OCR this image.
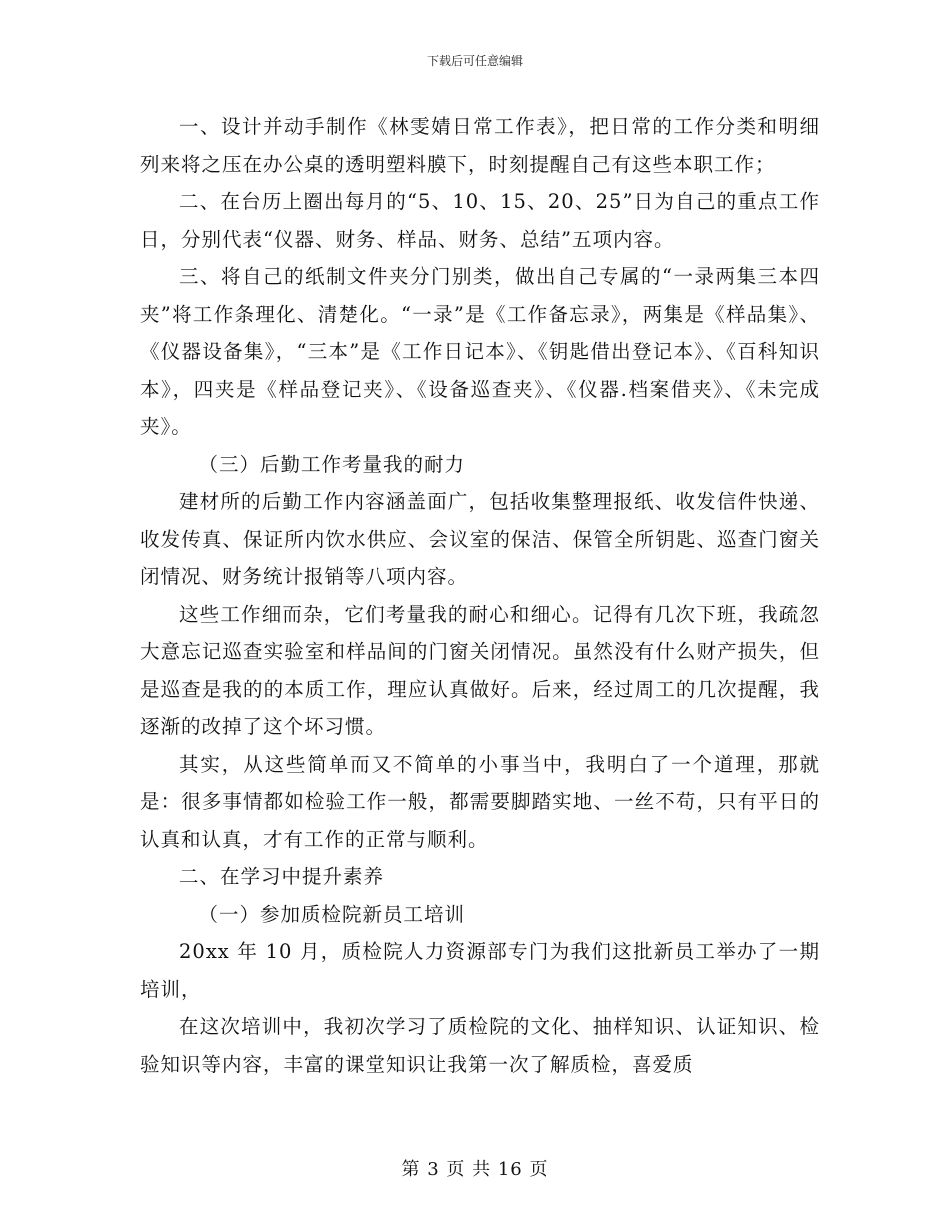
下载后可任意编辑

一、设计并动手制作《林雯婧日常工作表》，把日常的工作分类和明细列来将之压在办公桌的透明塑料膜下，时刻提醒自己有这些本职工作；

二、在台历上圈出每月的“5、10、15、20、25”日为自己的重点工作日，分别代表“仪器、财务、样品、财务、总结”五项内容。

三、将自己的纸制文件夹分门别类，做出自己专属的“一录两集三本四夹”将工作条理化、清楚化。“一录”是《工作备忘录》，两集是《样品集》、《仪器设备集》，“三本”是《工作日记本》、《钥匙借出登记本》、《百科知识本》，四夹是《样品登记夹》、《设备巡查夹》、《仪器.档案借夹》、《未完成夹》。

（三）后勤工作考量我的耐力

建材所的后勤工作内容涵盖面广，包括收集整理报纸、收发信件快递、收发传真、保证所内饮水供应、会议室的保洁、保管全所钥匙、巡查门窗关闭情况、财务统计报销等八项内容。

这些工作细而杂，它们考量我的耐心和细心。记得有几次下班，我疏忽大意忘记巡查实验室和样品间的门窗关闭情况。虽然没有什么财产损失，但是巡查是我的的本质工作，理应认真做好。后来，经过周工的几次提醒，我逐渐的改掉了这个坏习惯。

其实，从这些简单而又不简单的小事当中，我明白了一个道理，那就是：很多事情都如检验工作一般，都需要脚踏实地、一丝不苟，只有平日的认真和认真，才有工作的正常与顺利。

二、在学习中提升素养

（一）参加质检院新员工培训

20xx 年 10 月，质检院人力资源部专门为我们这批新员工举办了一期培训，

在这次培训中，我初次学习了质检院的文化、抽样知识、认证知识、检验知识等内容，丰富的课堂知识让我第一次了解质检，喜爱质

第 3 页 共 16 页
